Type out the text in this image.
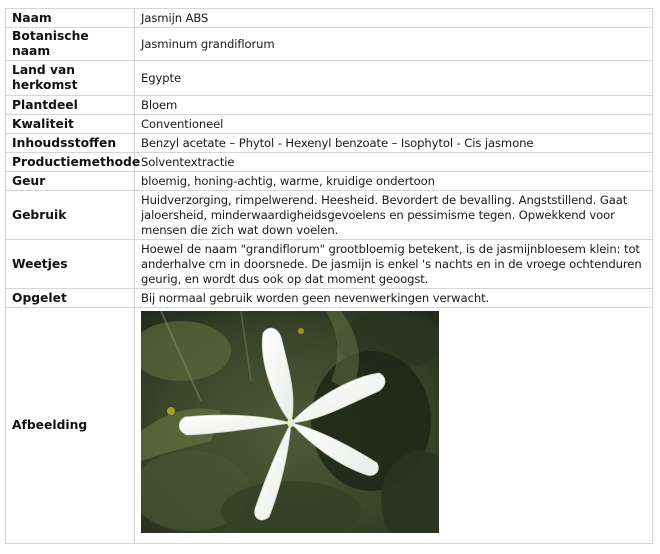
Naam	Jasmijn ABS
Botanische naam	Jasminum grandiflorum
Land van herkomst	Egypte
Plantdeel	Bloem
Kwaliteit	Conventioneel
Inhoudsstoffen	Benzyl acetate – Phytol - Hexenyl benzoate – Isophytol - Cis jasmone
Productiemethode	Solventextractie
Geur	bloemig, honing-achtig, warme, kruidige ondertoon
Gebruik	Huidverzorging, rimpelwerend. Heesheid. Bevordert de bevalling. Angststillend. Gaat jaloersheid, minderwaardigheidsgevoelens en pessimisme tegen. Opwekkend voor mensen die zich wat down voelen.
Weetjes	Hoewel de naam "grandiflorum" grootbloemig betekent, is de jasmijnbloesem klein: tot anderhalve cm in doorsnede. De jasmijn is enkel 's nachts en in de vroege ochtenduren geurig, en wordt dus ook op dat moment geoogst.
Opgelet	Bij normaal gebruik worden geen nevenwerkingen verwacht.
Afbeelding	
